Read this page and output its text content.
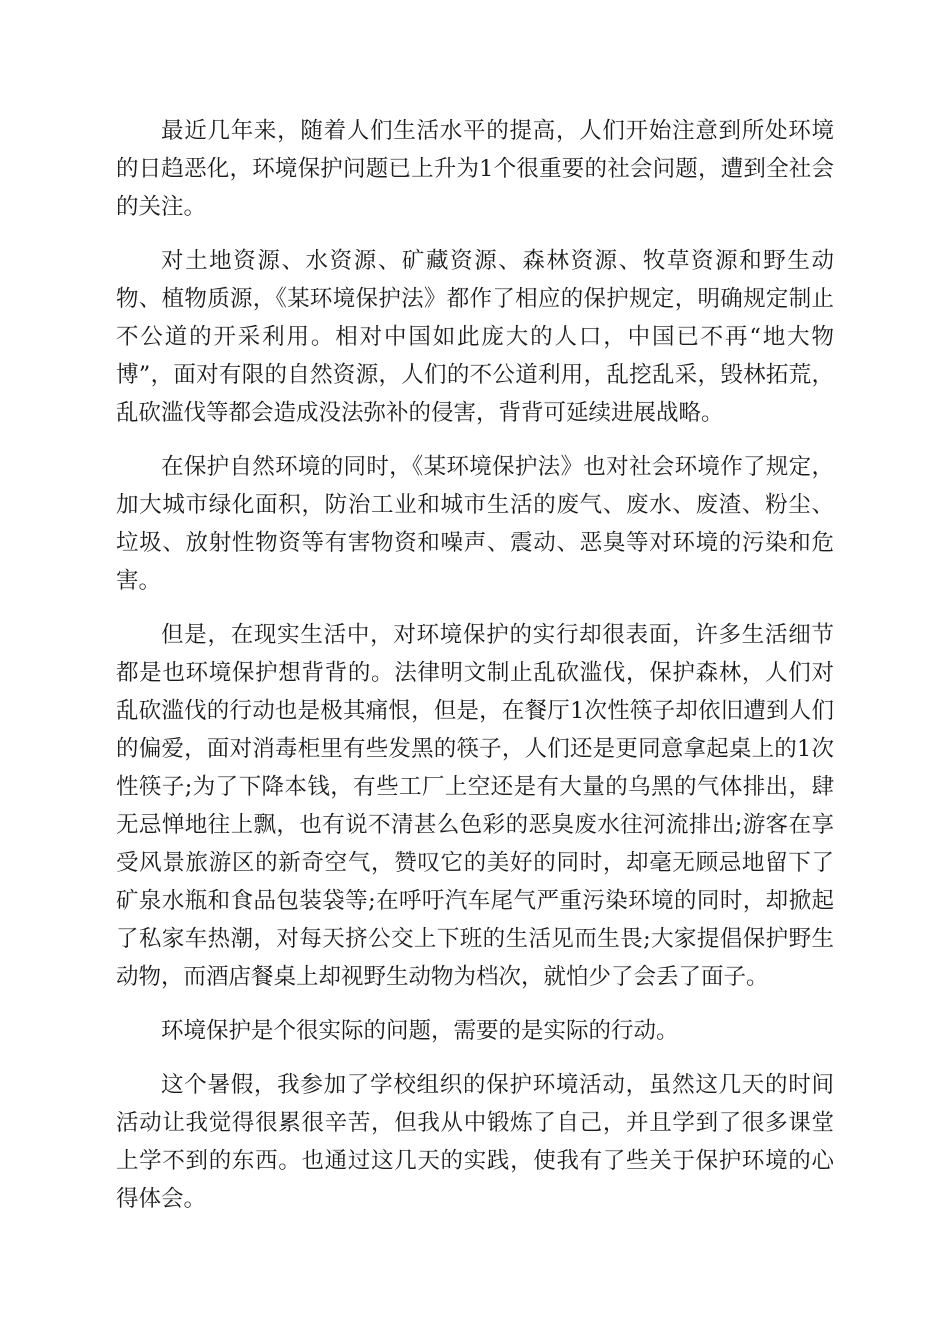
最近几年来，随着人们生活水平的提高，人们开始注意到所处环境的日趋恶化，环境保护问题已上升为1个很重要的社会问题，遭到全社会的关注。

对土地资源、水资源、矿藏资源、森林资源、牧草资源和野生动物、植物质源，《某环境保护法》都作了相应的保护规定，明确规定制止不公道的开采利用。相对中国如此庞大的人口，中国已不再“地大物博”，面对有限的自然资源，人们的不公道利用，乱挖乱采，毁林拓荒，乱砍滥伐等都会造成没法弥补的侵害，背背可延续进展战略。

在保护自然环境的同时，《某环境保护法》也对社会环境作了规定，加大城市绿化面积，防治工业和城市生活的废气、废水、废渣、粉尘、垃圾、放射性物资等有害物资和噪声、震动、恶臭等对环境的污染和危害。

但是，在现实生活中，对环境保护的实行却很表面，许多生活细节都是也环境保护想背背的。法律明文制止乱砍滥伐，保护森林，人们对乱砍滥伐的行动也是极其痛恨，但是，在餐厅1次性筷子却依旧遭到人们的偏爱，面对消毒柜里有些发黑的筷子，人们还是更同意拿起桌上的1次性筷子;为了下降本钱，有些工厂上空还是有大量的乌黑的气体排出，肆无忌惮地往上飘，也有说不清甚么色彩的恶臭废水往河流排出;游客在享受风景旅游区的新奇空气，赞叹它的美好的同时，却毫无顾忌地留下了矿泉水瓶和食品包装袋等;在呼吁汽车尾气严重污染环境的同时，却掀起了私家车热潮，对每天挤公交上下班的生活见而生畏;大家提倡保护野生动物，而酒店餐桌上却视野生动物为档次，就怕少了会丢了面子。

环境保护是个很实际的问题，需要的是实际的行动。

这个暑假，我参加了学校组织的保护环境活动，虽然这几天的时间活动让我觉得很累很辛苦，但我从中锻炼了自己，并且学到了很多课堂上学不到的东西。也通过这几天的实践，使我有了些关于保护环境的心得体会。
